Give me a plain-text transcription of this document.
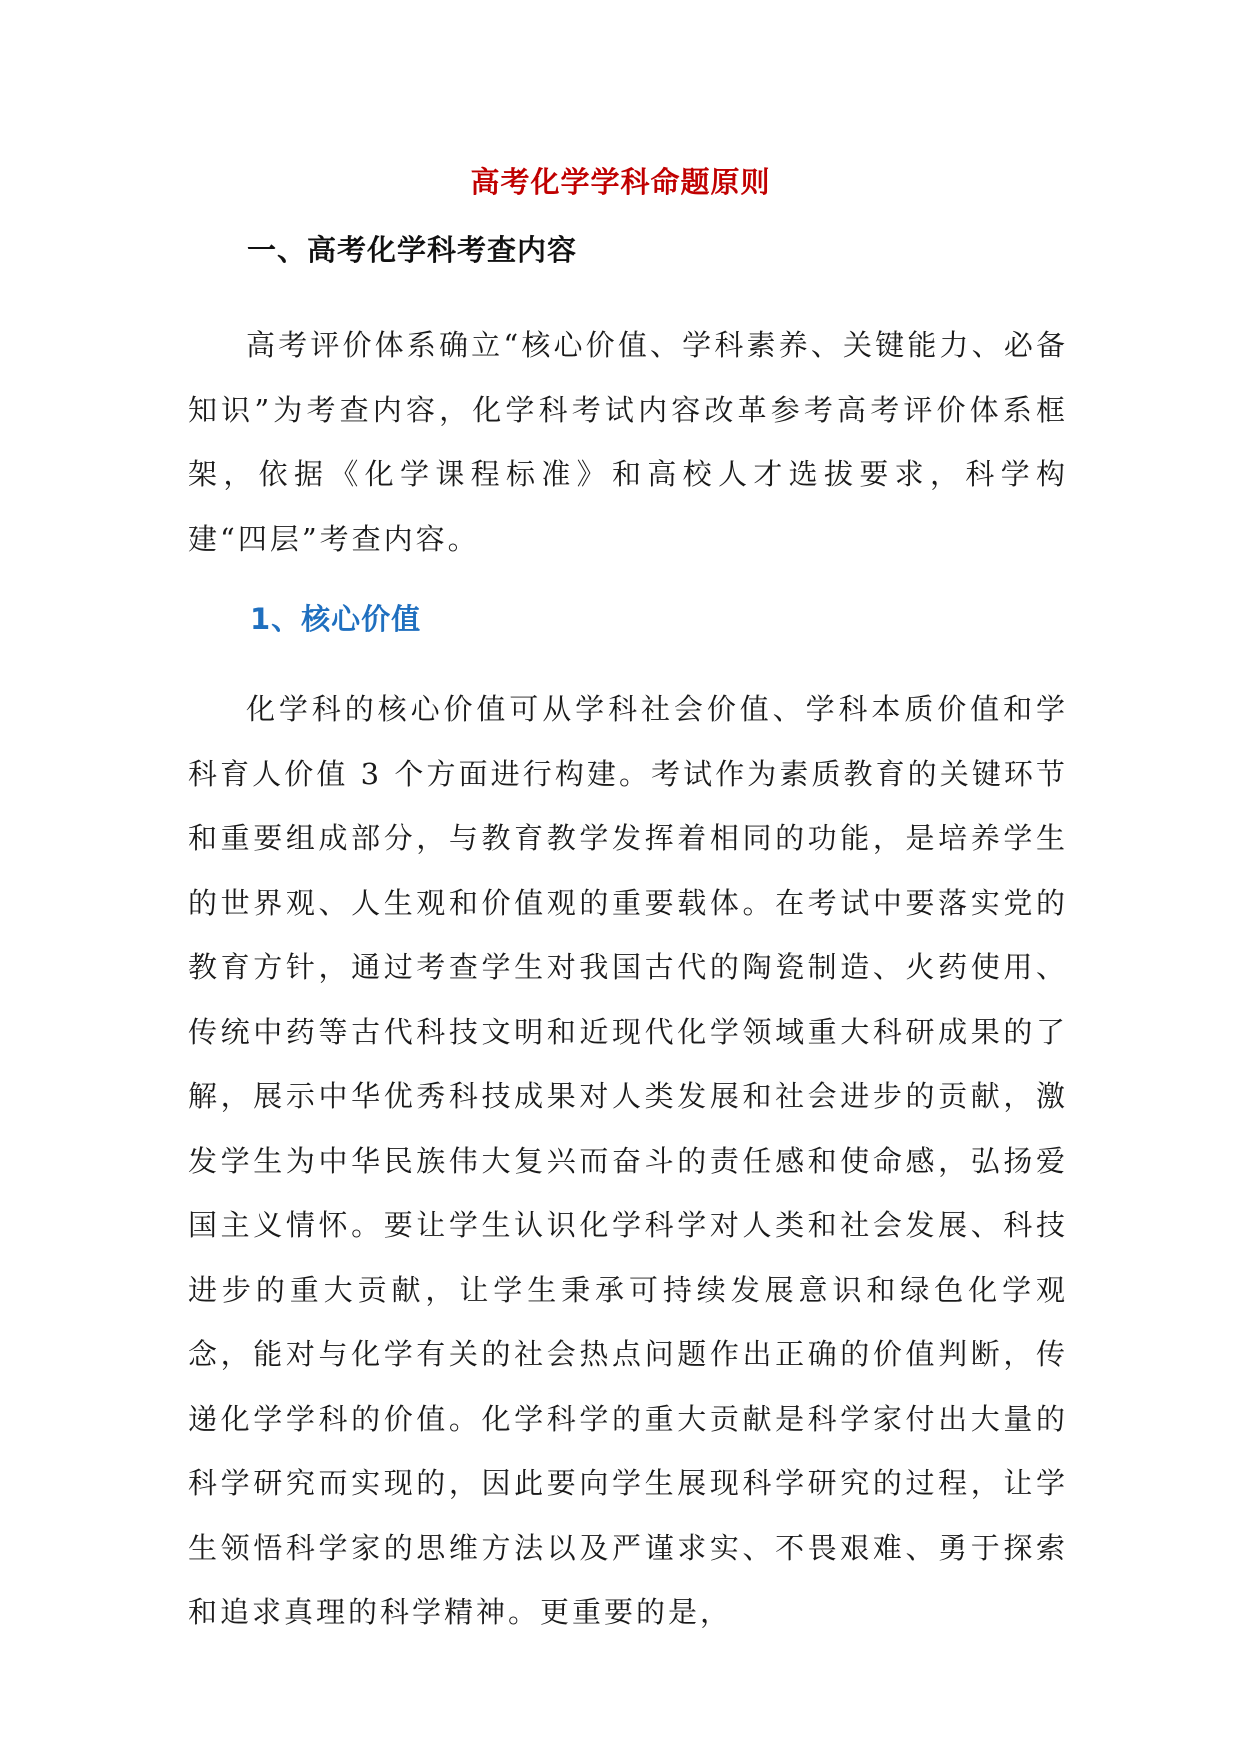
高考化学学科命题原则
一、高考化学科考查内容

高考评价体系确立“核心价值、学科素养、关键能力、必备知识”为考查内容，化学科考试内容改革参考高考评价体系框架，依据《化学课程标准》和高校人才选拔要求，科学构建“四层”考查内容。

1、核心价值

化学科的核心价值可从学科社会价值、学科本质价值和学科育人价值 3 个方面进行构建。考试作为素质教育的关键环节和重要组成部分，与教育教学发挥着相同的功能，是培养学生的世界观、人生观和价值观的重要载体。在考试中要落实党的教育方针，通过考查学生对我国古代的陶瓷制造、火药使用、传统中药等古代科技文明和近现代化学领域重大科研成果的了解，展示中华优秀科技成果对人类发展和社会进步的贡献，激发学生为中华民族伟大复兴而奋斗的责任感和使命感，弘扬爱国主义情怀。要让学生认识化学科学对人类和社会发展、科技进步的重大贡献，让学生秉承可持续发展意识和绿色化学观念，能对与化学有关的社会热点问题作出正确的价值判断，传递化学学科的价值。化学科学的重大贡献是科学家付出大量的科学研究而实现的，因此要向学生展现科学研究的过程，让学生领悟科学家的思维方法以及严谨求实、不畏艰难、勇于探索和追求真理的科学精神。更重要的是，
